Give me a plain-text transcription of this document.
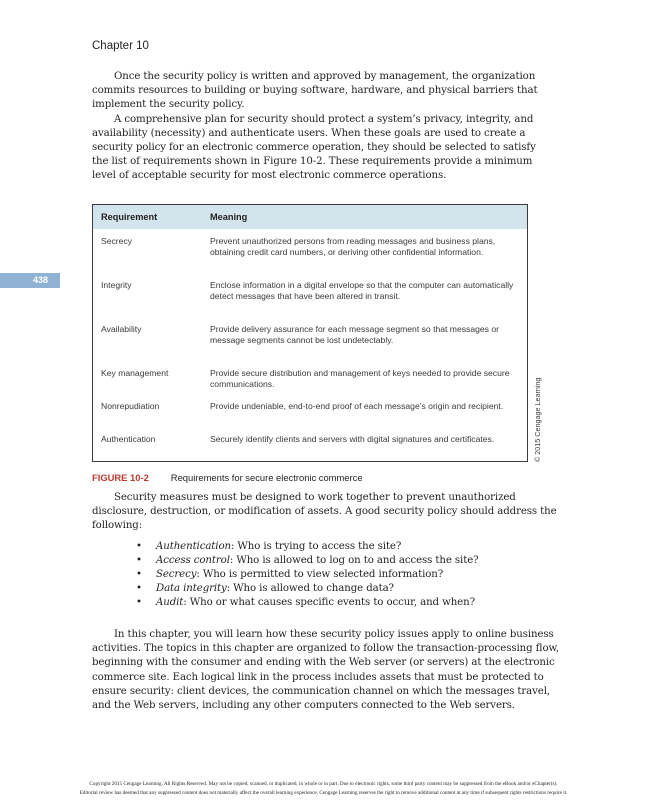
Chapter 10
438

Once the security policy is written and approved by management, the organization commits resources to building or buying software, hardware, and physical barriers that implement the security policy.

A comprehensive plan for security should protect a system’s privacy, integrity, and availability (necessity) and authenticate users. When these goals are used to create a security policy for an electronic commerce operation, they should be selected to satisfy the list of requirements shown in Figure 10-2. These requirements provide a minimum level of acceptable security for most electronic commerce operations.

Requirement	Meaning
Secrecy	Prevent unauthorized persons from reading messages and business plans, obtaining credit card numbers, or deriving other confidential information.
Integrity	Enclose information in a digital envelope so that the computer can automatically detect messages that have been altered in transit.
Availability	Provide delivery assurance for each message segment so that messages or message segments cannot be lost undetectably.
Key management	Provide secure distribution and management of keys needed to provide secure communications.
Nonrepudiation	Provide undeniable, end-to-end proof of each message’s origin and recipient.
Authentication	Securely identify clients and servers with digital signatures and certificates.	© 2015 Cengage Learning
FIGURE 10-2 Requirements for secure electronic commerce

Security measures must be designed to work together to prevent unauthorized disclosure, destruction, or modification of assets. A good security policy should address the following:

• Authentication: Who is trying to access the site?
• Access control: Who is allowed to log on to and access the site?
• Secrecy: Who is permitted to view selected information?
• Data integrity: Who is allowed to change data?
• Audit: Who or what causes specific events to occur, and when?

In this chapter, you will learn how these security policy issues apply to online business activities. The topics in this chapter are organized to follow the transaction-processing flow, beginning with the consumer and ending with the Web server (or servers) at the electronic commerce site. Each logical link in the process includes assets that must be protected to ensure security: client devices, the communication channel on which the messages travel, and the Web servers, including any other computers connected to the Web servers.

Copyright 2015 Cengage Learning. All Rights Reserved. May not be copied, scanned, or duplicated, in whole or in part. Due to electronic rights, some third party content may be suppressed from the eBook and/or eChapter(s).
Editorial review has deemed that any suppressed content does not materially affect the overall learning experience. Cengage Learning reserves the right to remove additional content at any time if subsequent rights restrictions require it.
